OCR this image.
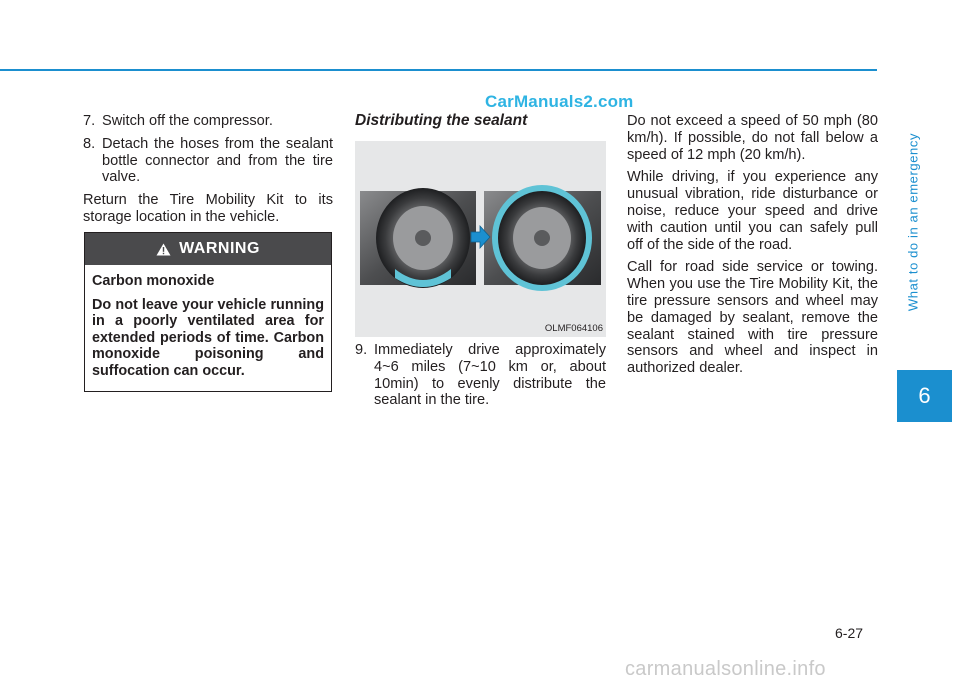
CarManuals2.com

7. Switch off the compressor.

8. Detach the hoses from the sealant bottle connector and from the tire valve.

Return the Tire Mobility Kit to its storage location in the vehicle.

WARNING

Carbon monoxide

Do not leave your vehicle running in a poorly ventilated area for extended periods of time. Carbon monoxide poisoning and suffocation can occur.

Distributing the sealant

OLMF064106

9. Immediately drive approximately 4~6 miles (7~10 km or, about 10min) to evenly distribute the sealant in the tire.

Do not exceed a speed of 50 mph (80 km/h). If possible, do not fall below a speed of 12 mph (20 km/h).

While driving, if you experience any unusual vibration, ride disturbance or noise, reduce your speed and drive with caution until you can safely pull off of the side of the road.

Call for road side service or towing. When you use the Tire Mobility Kit, the tire pressure sensors and wheel may be damaged by sealant, remove the sealant stained with tire pressure sensors and wheel and inspect in authorized dealer.

What to do in an emergency
6
6-27
carmanualsonline.info
